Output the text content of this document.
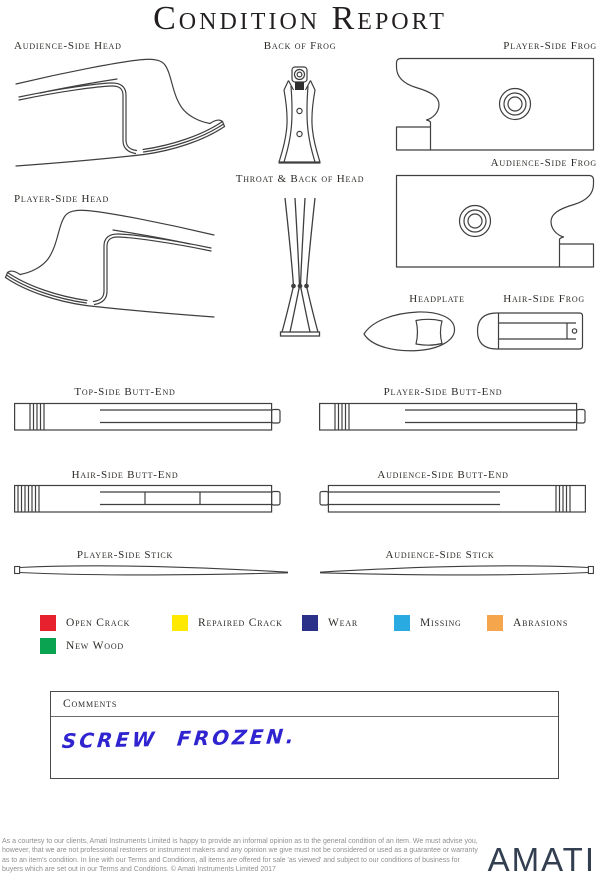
Condition Report
Audience-Side Head	Back of Frog	Player-Side Frog
Audience-Side Frog
Throat & Back of Head
Player-Side Head
Headplate	Hair-Side Frog
Top-Side Butt-End	Player-Side Butt-End
Hair-Side Butt-End	Audience-Side Butt-End
Player-Side Stick	Audience-Side Stick
Open Crack	Repaired Crack	Wear	Missing	Abrasions
New Wood
Comments
SCREW FROZEN.
As a courtesy to our clients, Amati Instruments Limited is happy to provide an informal opinion as to the general condition of an item. We must advise you, however, that we are not professional restorers or instrument makers and any opinion we give must not be considered or used as a guarantee or warranty as to an item's condition. In line with our Terms and Conditions, all items are offered for sale 'as viewed' and subject to our conditions of business for buyers which are set out in our Terms and Conditions. © Amati Instruments Limited 2017	AMATI
